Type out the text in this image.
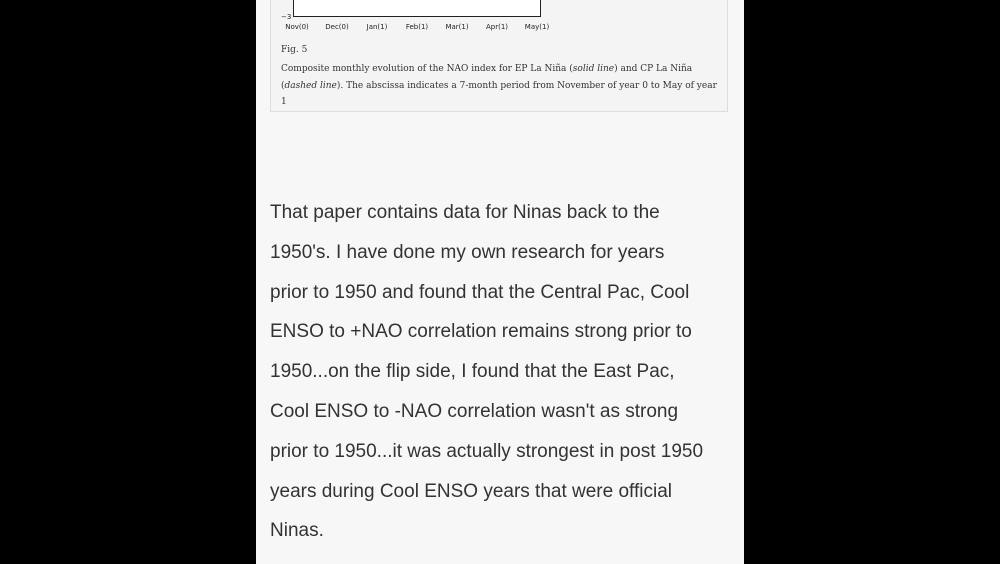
−3
Nov(0) Dec(0)	Jan(1)	Feb(1) Mar(1) Apr(1) May(1)
Fig. 5
Composite monthly evolution of the NAO index for EP La Niña (solid line) and CP La Niña (dashed line). The abscissa indicates a 7-month period from November of year 0 to May of year 1
That paper contains data for Ninas back to the
1950's. I have done my own research for years
prior to 1950 and found that the Central Pac, Cool
ENSO to +NAO correlation remains strong prior to
1950...on the flip side, I found that the East Pac,
Cool ENSO to -NAO correlation wasn't as strong
prior to 1950...it was actually strongest in post 1950
years during Cool ENSO years that were official
Ninas.
